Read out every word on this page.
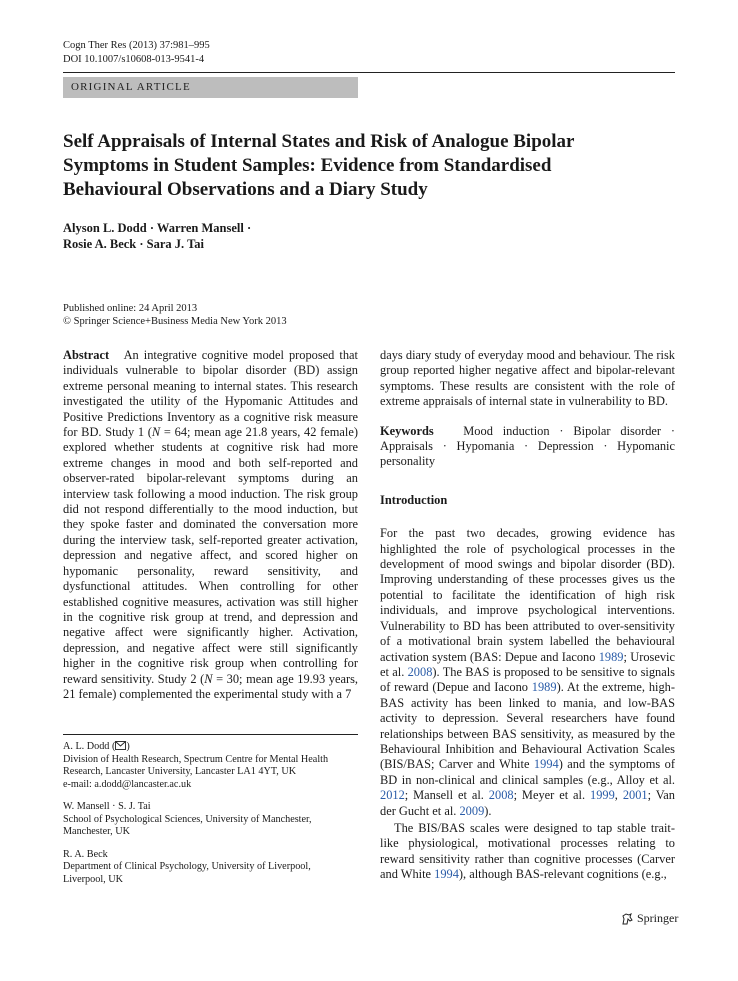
Cogn Ther Res (2013) 37:981–995
DOI 10.1007/s10608-013-9541-4
ORIGINAL ARTICLE
Self Appraisals of Internal States and Risk of Analogue Bipolar
Symptoms in Student Samples: Evidence from Standardised
Behavioural Observations and a Diary Study
Alyson L. Dodd · Warren Mansell ·
Rosie A. Beck · Sara J. Tai
Published online: 24 April 2013
© Springer Science+Business Media New York 2013
Abstract An integrative cognitive model proposed that individuals vulnerable to bipolar disorder (BD) assign extreme personal meaning to internal states. This research investigated the utility of the Hypomanic Attitudes and Positive Predictions Inventory as a cognitive risk measure for BD. Study 1 (N = 64; mean age 21.8 years, 42 female) explored whether students at cognitive risk had more extreme changes in mood and both self-reported and observer-rated bipolar-relevant symptoms during an interview task following a mood induction. The risk group did not respond differentially to the mood induction, but they spoke faster and dominated the conversation more during the interview task, self-reported greater activation, depression and negative affect, and scored higher on hypomanic personality, reward sensitivity, and dysfunctional attitudes. When controlling for other established cognitive measures, activation was still higher in the cognitive risk group at trend, and depression and negative affect were significantly higher. Activation, depression, and negative affect were still significantly higher in the cognitive risk group when controlling for reward sensitivity. Study 2 (N = 30; mean age 19.93 years, 21 female) complemented the experimental study with a 7
days diary study of everyday mood and behaviour. The risk group reported higher negative affect and bipolar-relevant symptoms. These results are consistent with the role of extreme appraisals of internal state in vulnerability to BD.
Keywords Mood induction · Bipolar disorder · Appraisals · Hypomania · Depression · Hypomanic personality
Introduction
For the past two decades, growing evidence has highlighted the role of psychological processes in the development of mood swings and bipolar disorder (BD). Improving understanding of these processes gives us the potential to facilitate the identification of high risk individuals, and improve psychological interventions. Vulnerability to BD has been attributed to over-sensitivity of a motivational brain system labelled the behavioural activation system (BAS: Depue and Iacono 1989; Urosevic et al. 2008). The BAS is proposed to be sensitive to signals of reward (Depue and Iacono 1989). At the extreme, high-BAS activity has been linked to mania, and low-BAS activity to depression. Several researchers have found relationships between BAS sensitivity, as measured by the Behavioural Inhibition and Behavioural Activation Scales (BIS/BAS; Carver and White 1994) and the symptoms of BD in non-clinical and clinical samples (e.g., Alloy et al. 2012; Mansell et al. 2008; Meyer et al. 1999, 2001; Van der Gucht et al. 2009).
The BIS/BAS scales were designed to tap stable trait-like physiological, motivational processes relating to reward sensitivity rather than cognitive processes (Carver and White 1994), although BAS-relevant cognitions (e.g.,
A. L. Dodd ( )
Division of Health Research, Spectrum Centre for Mental Health
Research, Lancaster University, Lancaster LA1 4YT, UK
e-mail: a.dodd@lancaster.ac.uk
W. Mansell · S. J. Tai
School of Psychological Sciences, University of Manchester,
Manchester, UK
R. A. Beck
Department of Clinical Psychology, University of Liverpool,
Liverpool, UK
Springer
